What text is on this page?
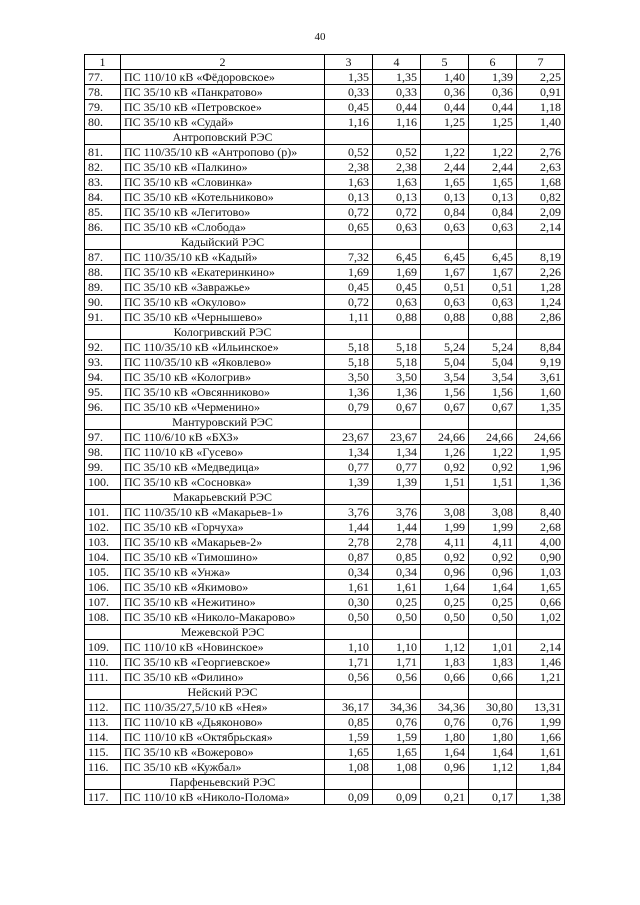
40
1	2	3	4	5	6	7
77.	ПС 110/10 кВ «Фёдоровское»	1,35	1,35	1,40	1,39	2,25
78.	ПС 35/10 кВ «Панкратово»	0,33	0,33	0,36	0,36	0,91
79.	ПС 35/10 кВ «Петровское»	0,45	0,44	0,44	0,44	1,18
80.	ПС 35/10 кВ «Судай»	1,16	1,16	1,25	1,25	1,40
	Антроповский РЭС					
81.	ПС 110/35/10 кВ «Антропово (р)»	0,52	0,52	1,22	1,22	2,76
82.	ПС 35/10 кВ «Палкино»	2,38	2,38	2,44	2,44	2,63
83.	ПС 35/10 кВ «Словинка»	1,63	1,63	1,65	1,65	1,68
84.	ПС 35/10 кВ «Котельниково»	0,13	0,13	0,13	0,13	0,82
85.	ПС 35/10 кВ «Легитово»	0,72	0,72	0,84	0,84	2,09
86.	ПС 35/10 кВ «Слобода»	0,65	0,63	0,63	0,63	2,14
	Кадыйский РЭС					
87.	ПС 110/35/10 кВ «Кадый»	7,32	6,45	6,45	6,45	8,19
88.	ПС 35/10 кВ «Екатеринкино»	1,69	1,69	1,67	1,67	2,26
89.	ПС 35/10 кВ «Завражье»	0,45	0,45	0,51	0,51	1,28
90.	ПС 35/10 кВ «Окулово»	0,72	0,63	0,63	0,63	1,24
91.	ПС 35/10 кВ «Чернышево»	1,11	0,88	0,88	0,88	2,86
	Кологривский РЭС					
92.	ПС 110/35/10 кВ «Ильинское»	5,18	5,18	5,24	5,24	8,84
93.	ПС 110/35/10 кВ «Яковлево»	5,18	5,18	5,04	5,04	9,19
94.	ПС 35/10 кВ «Кологрив»	3,50	3,50	3,54	3,54	3,61
95.	ПС 35/10 кВ «Овсянниково»	1,36	1,36	1,56	1,56	1,60
96.	ПС 35/10 кВ «Черменино»	0,79	0,67	0,67	0,67	1,35
	Мантуровский РЭС					
97.	ПС 110/6/10 кВ «БХЗ»	23,67	23,67	24,66	24,66	24,66
98.	ПС 110/10 кВ «Гусево»	1,34	1,34	1,26	1,22	1,95
99.	ПС 35/10 кВ «Медведица»	0,77	0,77	0,92	0,92	1,96
100.	ПС 35/10 кВ «Сосновка»	1,39	1,39	1,51	1,51	1,36
	Макарьевский РЭС					
101.	ПС 110/35/10 кВ «Макарьев-1»	3,76	3,76	3,08	3,08	8,40
102.	ПС 35/10 кВ «Горчуха»	1,44	1,44	1,99	1,99	2,68
103.	ПС 35/10 кВ «Макарьев-2»	2,78	2,78	4,11	4,11	4,00
104.	ПС 35/10 кВ «Тимошино»	0,87	0,85	0,92	0,92	0,90
105.	ПС 35/10 кВ «Унжа»	0,34	0,34	0,96	0,96	1,03
106.	ПС 35/10 кВ «Якимово»	1,61	1,61	1,64	1,64	1,65
107.	ПС 35/10 кВ «Нежитино»	0,30	0,25	0,25	0,25	0,66
108.	ПС 35/10 кВ «Николо-Макарово»	0,50	0,50	0,50	0,50	1,02
	Межевской РЭС					
109.	ПС 110/10 кВ «Новинское»	1,10	1,10	1,12	1,01	2,14
110.	ПС 35/10 кВ «Георгиевское»	1,71	1,71	1,83	1,83	1,46
111.	ПС 35/10 кВ «Филино»	0,56	0,56	0,66	0,66	1,21
	Нейский РЭС					
112.	ПС 110/35/27,5/10 кВ «Нея»	36,17	34,36	34,36	30,80	13,31
113.	ПС 110/10 кВ «Дьяконово»	0,85	0,76	0,76	0,76	1,99
114.	ПС 110/10 кВ «Октябрьская»	1,59	1,59	1,80	1,80	1,66
115.	ПС 35/10 кВ «Вожерово»	1,65	1,65	1,64	1,64	1,61
116.	ПС 35/10 кВ «Кужбал»	1,08	1,08	0,96	1,12	1,84
	Парфеньевский РЭС					
117.	ПС 110/10 кВ «Николо-Полома»	0,09	0,09	0,21	0,17	1,38
